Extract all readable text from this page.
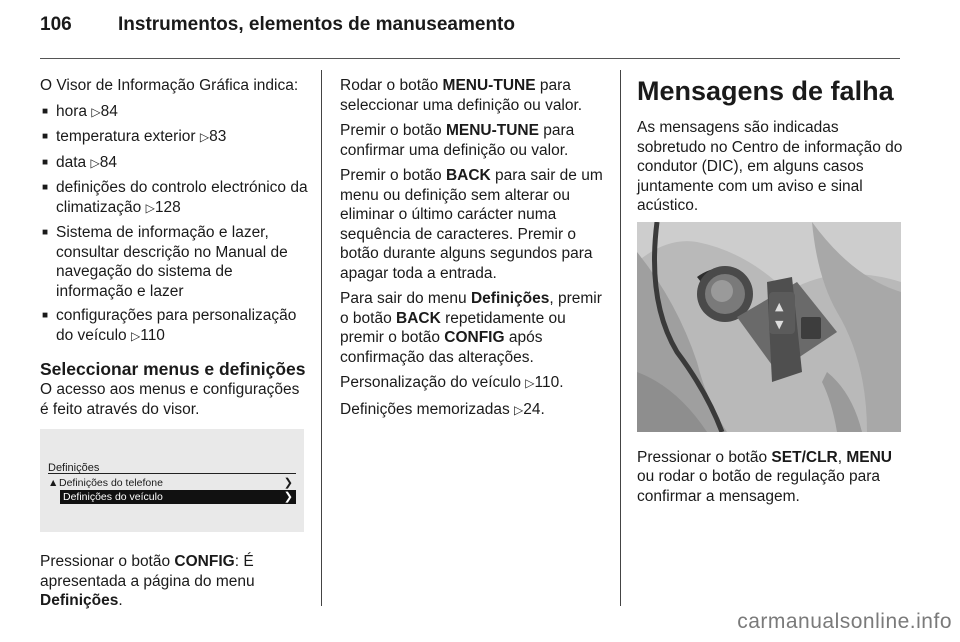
106 Instrumentos, elementos de manuseamento

O Visor de Informação Gráfica indica:

■ hora ▷ 84
■ temperatura exterior ▷ 83
■ data ▷ 84
■ definições do controlo electrónico da climatização ▷ 128
■ Sistema de informação e lazer, consultar descrição no Manual de navegação do sistema de informação e lazer
■ configurações para personalização do veículo ▷ 110
Seleccionar menus e definições

O acesso aos menus e configurações é feito através do visor.

Definições
▲Definições do telefone	❯
Definições do veículo	❯

Pressionar o botão CONFIG: É apresentada a página do menu Definições.

Rodar o botão MENU-TUNE para seleccionar uma definição ou valor.

Premir o botão MENU-TUNE para confirmar uma definição ou valor.

Premir o botão BACK para sair de um menu ou definição sem alterar ou eliminar o último carácter numa sequência de caracteres. Premir o botão durante alguns segundos para apagar toda a entrada.

Para sair do menu Definições, premir o botão BACK repetidamente ou premir o botão CONFIG após confirmação das alterações.

Personalização do veículo ▷ 110.

Definições memorizadas ▷ 24.

Mensagens de falha

As mensagens são indicadas sobretudo no Centro de informação do condutor (DIC), em alguns casos juntamente com um aviso e sinal acústico.

▲
▼

Pressionar o botão SET/CLR, MENU ou rodar o botão de regulação para confirmar a mensagem.

carmanualsonline.info
